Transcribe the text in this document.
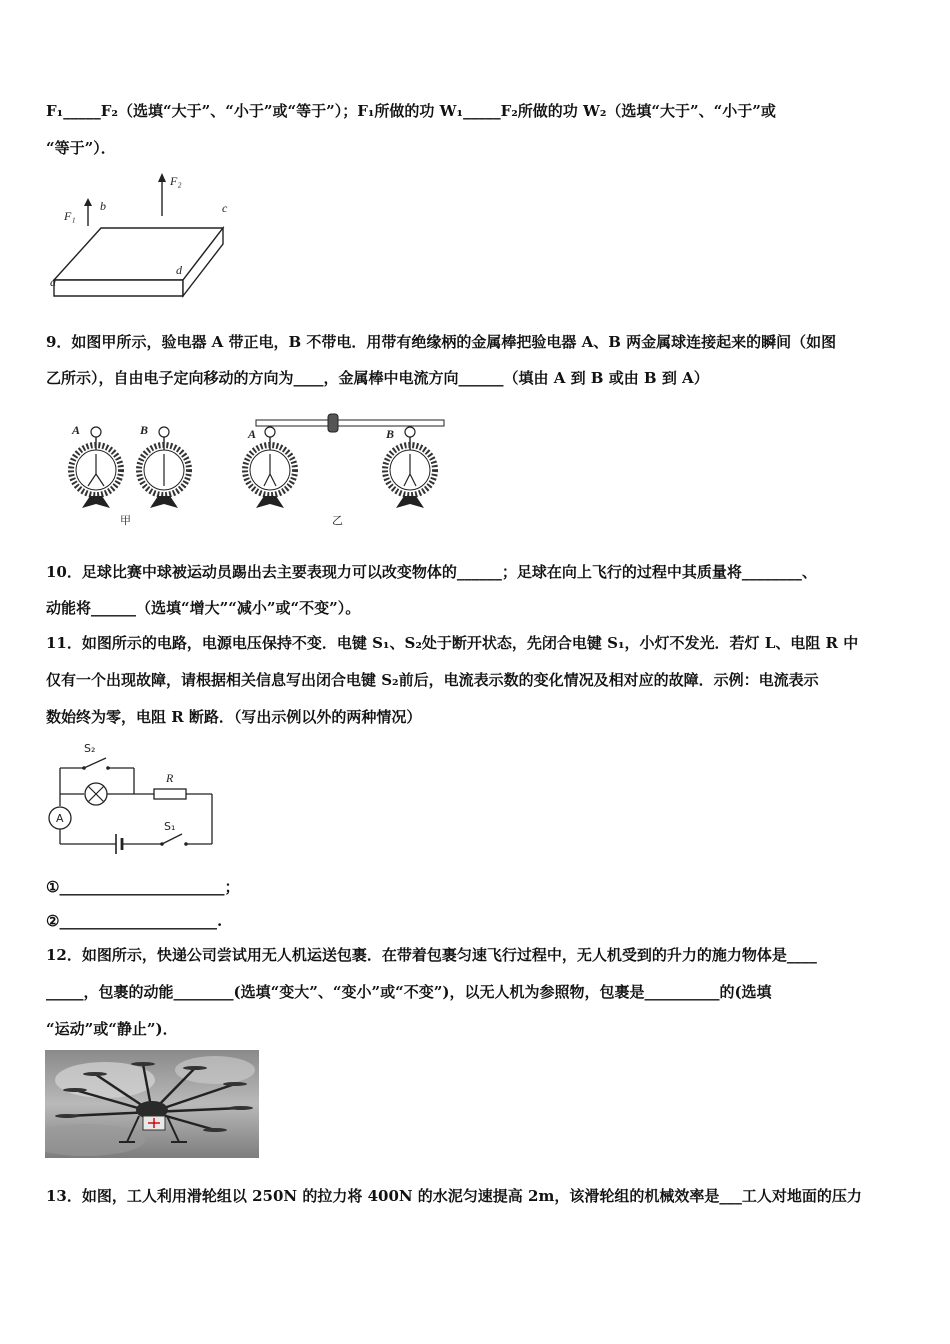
F₁_____F₂（选填“大于”、“小于”或“等于”）；F₁所做的功 W₁_____F₂所做的功 W₂（选填“大于”、“小于”或
“等于”）．
F₁
F₂
a
b	c
d
9．如图甲所示，验电器 A 带正电，B 不带电．用带有绝缘柄的金属棒把验电器 A、B 两金属球连接起来的瞬间（如图
乙所示），自由电子定向移动的方向为____，金属棒中电流方向______（填由 A 到 B 或由 B 到 A）
A	B
甲
A	B
乙
10．足球比赛中球被运动员踢出去主要表现力可以改变物体的______；足球在向上飞行的过程中其质量将________、
动能将______（选填“增大”“减小”或“不变”）。
11．如图所示的电路，电源电压保持不变．电键 S₁、S₂处于断开状态，先闭合电键 S₁，小灯不发光．若灯 L、电阻 R 中
仅有一个出现故障，请根据相关信息写出闭合电键 S₂前后，电流表示数的变化情况及相对应的故障．示例：电流表示
数始终为零，电阻 R 断路．（写出示例以外的两种情况）
S₂
R
A
S₁
①______________________；
②_____________________.
12．如图所示，快递公司尝试用无人机运送包裹．在带着包裹匀速飞行过程中，无人机受到的升力的施力物体是____
_____，包裹的动能________(选填“变大”、“变小”或“不变”)，以无人机为参照物，包裹是__________的(选填
“运动”或“静止”)．
13．如图，工人利用滑轮组以 250N 的拉力将 400N 的水泥匀速提高 2m，该滑轮组的机械效率是___工人对地面的压力
